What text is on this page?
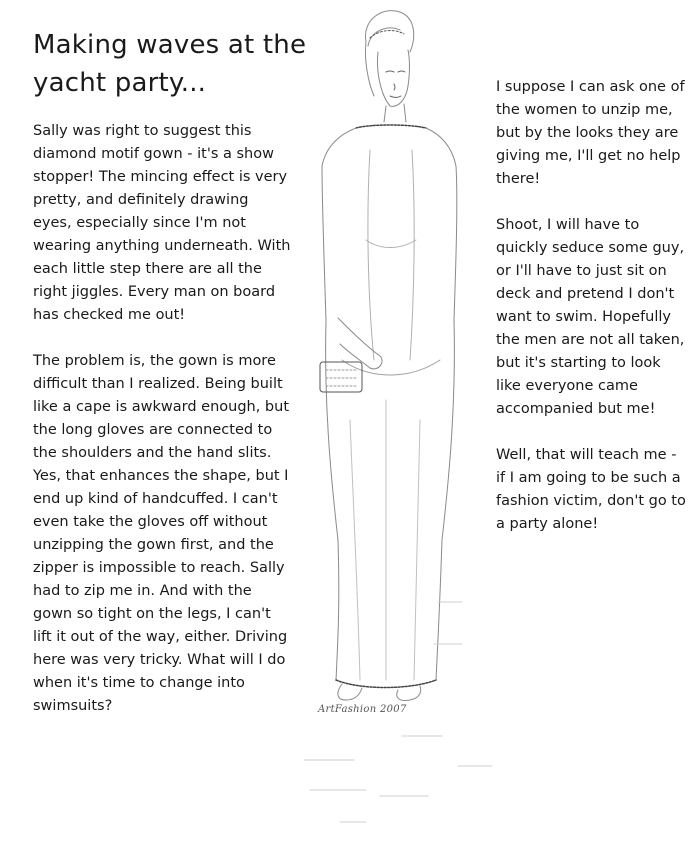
Making waves at the yacht party...

Sally was right to suggest this diamond motif gown - it's a show stopper! The mincing effect is very pretty, and definitely drawing eyes, especially since I'm not wearing anything underneath. With each little step there are all the right jiggles. Every man on board has checked me out!

The problem is, the gown is more difficult than I realized. Being built like a cape is awkward enough, but the long gloves are connected to the shoulders and the hand slits. Yes, that enhances the shape, but I end up kind of handcuffed. I can't even take the gloves off without unzipping the gown first, and the zipper is impossible to reach. Sally had to zip me in. And with the gown so tight on the legs, I can't lift it out of the way, either. Driving here was very tricky. What will I do when it's time to change into swimsuits?

I suppose I can ask one of the women to unzip me, but by the looks they are giving me, I'll get no help there!

Shoot, I will have to quickly seduce some guy, or I'll have to just sit on deck and pretend I don't want to swim. Hopefully the men are not all taken, but it's starting to look like everyone came accompanied but me!

Well, that will teach me - if I am going to be such a fashion victim, don't go to a party alone!

ArtFashion 2007
